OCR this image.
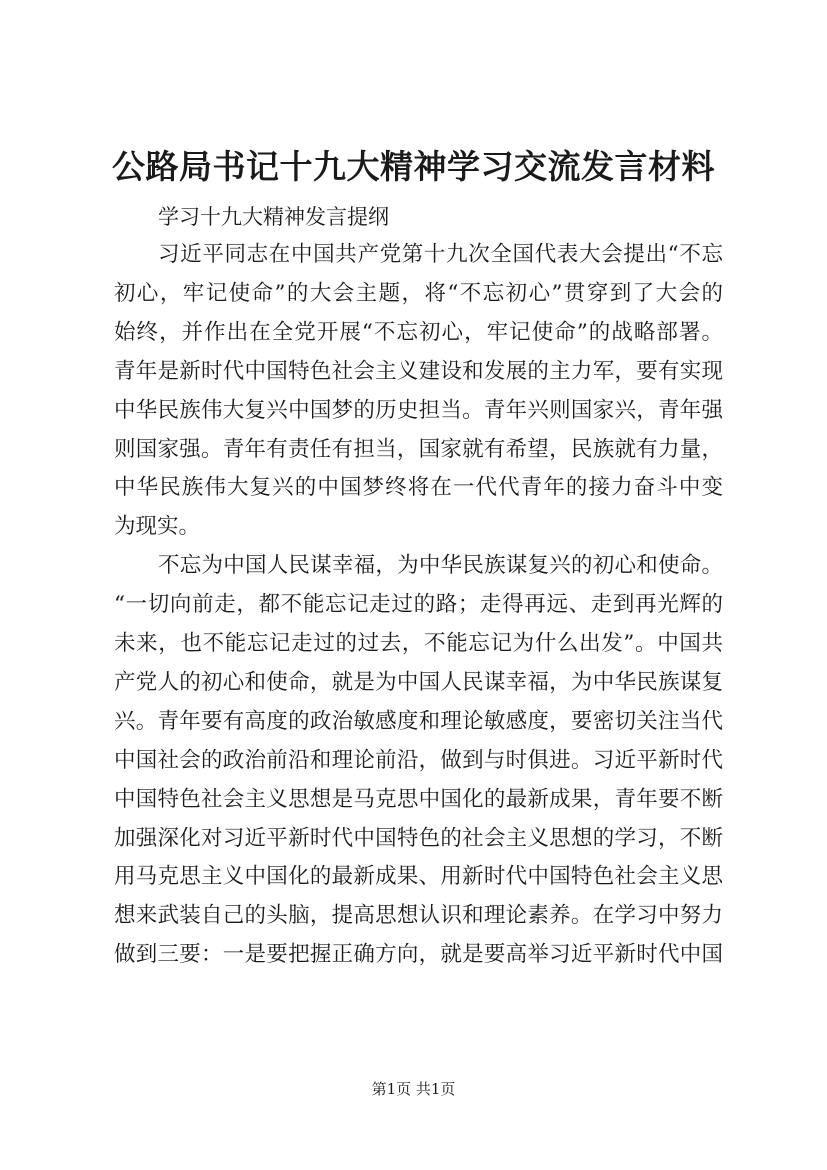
公路局书记十九大精神学习交流发言材料
学习十九大精神发言提纲
习近平同志在中国共产党第十九次全国代表大会提出“不忘
初心，牢记使命”的大会主题，将“不忘初心”贯穿到了大会的
始终，并作出在全党开展“不忘初心，牢记使命”的战略部署。
青年是新时代中国特色社会主义建设和发展的主力军，要有实现
中华民族伟大复兴中国梦的历史担当。青年兴则国家兴，青年强
则国家强。青年有责任有担当，国家就有希望，民族就有力量，
中华民族伟大复兴的中国梦终将在一代代青年的接力奋斗中变
为现实。
不忘为中国人民谋幸福，为中华民族谋复兴的初心和使命。
“一切向前走，都不能忘记走过的路；走得再远、走到再光辉的
未来，也不能忘记走过的过去，不能忘记为什么出发”。中国共
产党人的初心和使命，就是为中国人民谋幸福，为中华民族谋复
兴。青年要有高度的政治敏感度和理论敏感度，要密切关注当代
中国社会的政治前沿和理论前沿，做到与时俱进。习近平新时代
中国特色社会主义思想是马克思中国化的最新成果，青年要不断
加强深化对习近平新时代中国特色的社会主义思想的学习，不断
用马克思主义中国化的最新成果、用新时代中国特色社会主义思
想来武装自己的头脑，提高思想认识和理论素养。在学习中努力
做到三要：一是要把握正确方向，就是要高举习近平新时代中国
第1页 共1页
